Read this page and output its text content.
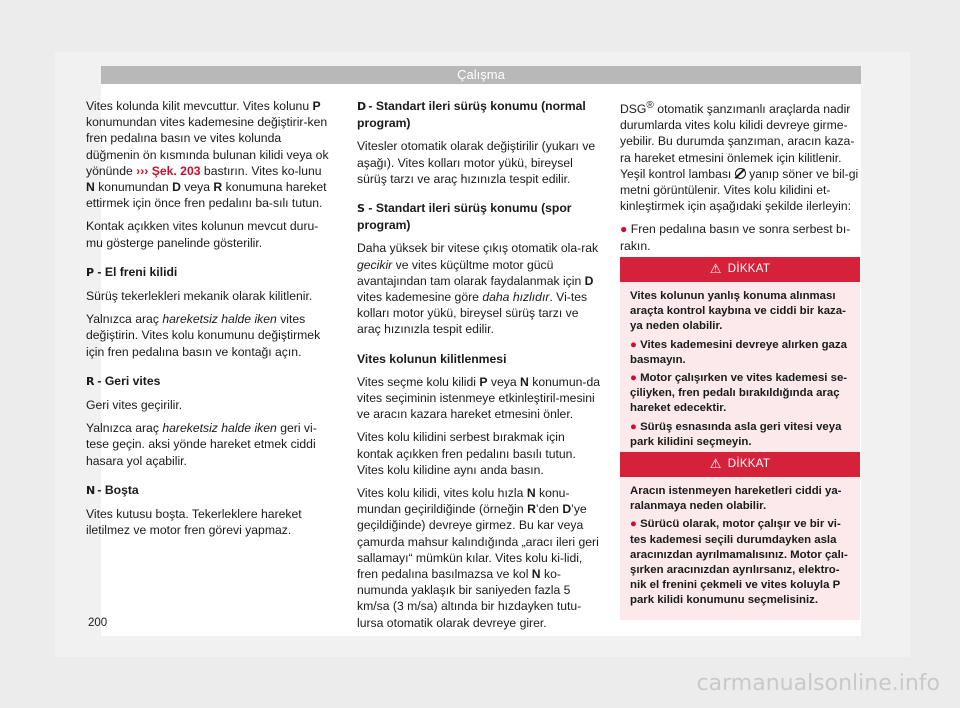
Çalışma

Vites kolunda kilit mevcuttur. Vites kolunu P konumundan vites kademesine değiştirir-ken fren pedalına basın ve vites kolunda düğmenin ön kısmında bulunan kilidi veya ok yönünde ››› Şek. 203 bastırın. Vites ko-lunu N konumundan D veya R konumuna hareket ettirmek için önce fren pedalını ba-sılı tutun.

Kontak açıkken vites kolunun mevcut duru-mu gösterge panelinde gösterilir.

P - El freni kilidi

Sürüş tekerlekleri mekanik olarak kilitlenir.

Yalnızca araç hareketsiz halde iken vites değiştirin. Vites kolu konumunu değiştirmek için fren pedalına basın ve kontağı açın.

R - Geri vites

Geri vites geçirilir.

Yalnızca araç hareketsiz halde iken geri vi-tese geçin. aksi yönde hareket etmek ciddi hasara yol açabilir.

N - Boşta

Vites kutusu boşta. Tekerleklere hareket iletilmez ve motor fren görevi yapmaz.

D - Standart ileri sürüş konumu (normal program)

Vitesler otomatik olarak değiştirilir (yukarı ve aşağı). Vites kolları motor yükü, bireysel sürüş tarzı ve araç hızınızla tespit edilir.

S - Standart ileri sürüş konumu (spor program)

Daha yüksek bir vitese çıkış otomatik ola-rak gecikir ve vites küçültme motor gücü avantajından tam olarak faydalanmak için D vites kademesine göre daha hızlıdır. Vi-tes kolları motor yükü, bireysel sürüş tarzı ve araç hızınızla tespit edilir.

Vites kolunun kilitlenmesi

Vites seçme kolu kilidi P veya N konumun-da vites seçiminin istenmeye etkinleştiril-mesini ve aracın kazara hareket etmesini önler.

Vites kolu kilidini serbest bırakmak için kontak açıkken fren pedalını basılı tutun. Vites kolu kilidine aynı anda basın.

Vites kolu kilidi, vites kolu hızla N konu-mundan geçirildiğinde (örneğin R’den D’ye geçildiğinde) devreye girmez. Bu kar veya çamurda mahsur kalındığında „aracı ileri geri sallamayı“ mümkün kılar. Vites kolu ki-lidi, fren pedalına basılmazsa ve kol N ko-numunda yaklaşık bir saniyeden fazla 5 km/sa (3 m/sa) altında bir hızdayken tutu-lursa otomatik olarak devreye girer.

DSG® otomatik şanzımanlı araçlarda nadir durumlarda vites kolu kilidi devreye girme-yebilir. Bu durumda şanzıman, aracın kaza-ra hareket etmesini önlemek için kilitlenir. Yeşil kontrol lambası  yanıp söner ve bil-gi metni görüntülenir. Vites kolu kilidini et-kinleştirmek için aşağıdaki şekilde ilerleyin:

● Fren pedalına basın ve sonra serbest bı-rakın.

⚠ DİKKAT

Vites kolunun yanlış konuma alınması araçta kontrol kaybına ve ciddi bir kaza-ya neden olabilir.

● Vites kademesini devreye alırken gaza basmayın.

● Motor çalışırken ve vites kademesi se-çiliyken, fren pedalı bırakıldığında araç hareket edecektir.

● Sürüş esnasında asla geri vitesi veya park kilidini seçmeyin.

⚠ DİKKAT

Aracın istenmeyen hareketleri ciddi ya-ralanmaya neden olabilir.

● Sürücü olarak, motor çalışır ve bir vi-tes kademesi seçili durumdayken asla aracınızdan ayrılmamalısınız. Motor çalı-şırken aracınızdan ayrılırsanız, elektro-nik el frenini çekmeli ve vites koluyla P park kilidi konumunu seçmelisiniz.

200
carmanualsonline.info
